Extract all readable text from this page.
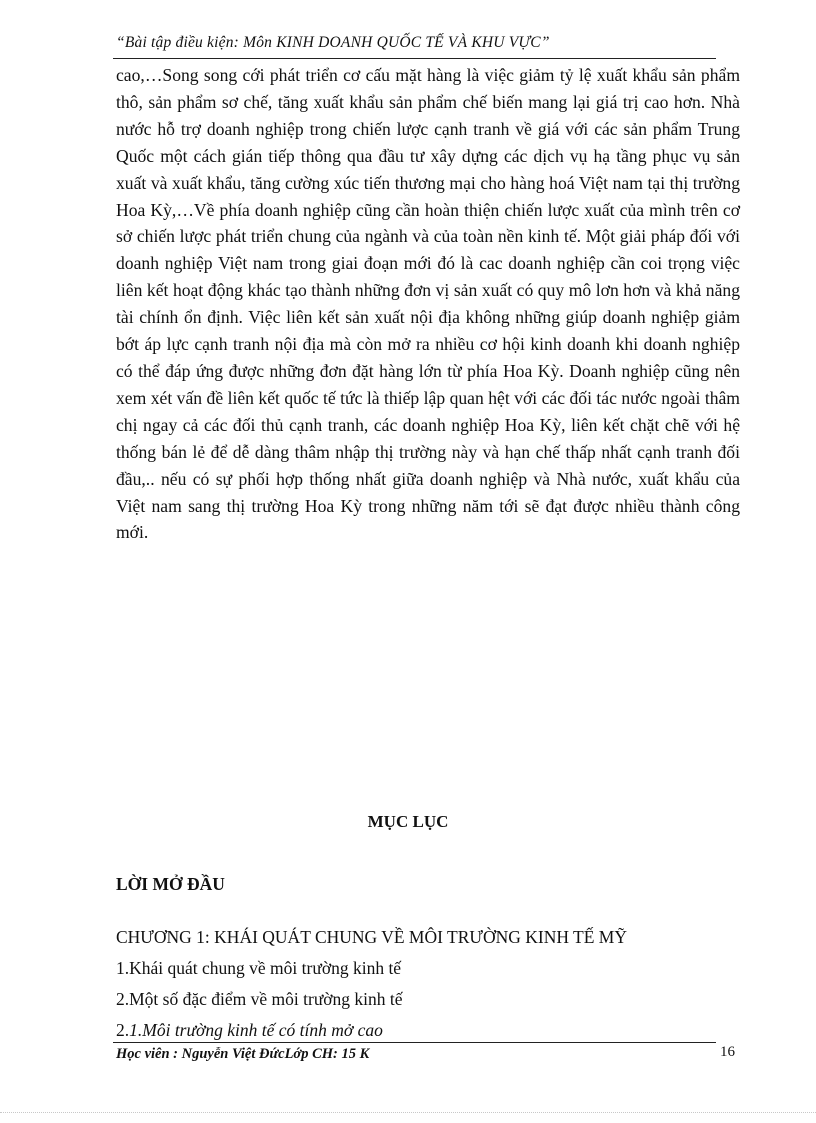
“Bài tập điều kiện: Môn KINH DOANH QUỐC TẾ VÀ KHU VỰC”

cao,…Song song cới phát triển cơ cấu mặt hàng là việc giảm tỷ lệ xuất khẩu sản phẩm thô, sản phẩm sơ chế, tăng xuất khẩu sản phẩm chế biến mang lại giá trị cao hơn. Nhà nước hỗ trợ doanh nghiệp trong chiến lược cạnh tranh về giá với các sản phẩm Trung Quốc một cách gián tiếp thông qua đầu tư xây dựng các dịch vụ hạ tầng phục vụ sản xuất và xuất khẩu, tăng cường xúc tiến thương mại cho hàng hoá Việt nam tại thị trường Hoa Kỳ,…Về phía doanh nghiệp cũng cần hoàn thiện chiến lược xuất của mình trên cơ sở chiến lược phát triển chung của ngành và của toàn nền kinh tế. Một giải pháp đối với doanh nghiệp Việt nam trong giai đoạn mới đó là cac doanh nghiệp cần coi trọng việc liên kết hoạt động khác tạo thành những đơn vị sản xuất có quy mô lơn hơn và khả năng tài chính ổn định. Việc liên kết sản xuất nội địa không những giúp doanh nghiệp giảm bớt áp lực cạnh tranh nội địa mà còn mở ra nhiều cơ hội kinh doanh khi doanh nghiệp có thể đáp ứng được những đơn đặt hàng lớn từ phía Hoa Kỳ. Doanh nghiệp cũng nên xem xét vấn đề liên kết quốc tế tức là thiếp lập quan hệt với các đối tác nước ngoài thâm chị ngay cả các đối thủ cạnh tranh, các doanh nghiệp Hoa Kỳ, liên kết chặt chẽ với hệ thống bán lẻ để dễ dàng thâm nhập thị trường này và hạn chế thấp nhất cạnh tranh đối đầu,.. nếu có sự phối hợp thống nhất giữa doanh nghiệp và Nhà nước, xuất khẩu của Việt nam sang thị trường Hoa Kỳ trong những năm tới sẽ đạt được nhiều thành công mới.

MỤC LỤC
LỜI MỞ ĐẦU
CHƯƠNG 1: KHÁI QUÁT CHUNG VỀ MÔI TRƯỜNG KINH TẾ MỸ
1.Khái quát chung về môi trường kinh tế
2.Một số đặc điểm về môi trường kinh tế
2.1.Môi trường kinh tế có tính mở cao
Học viên : Nguyễn Việt ĐứcLớp CH: 15 K	16
